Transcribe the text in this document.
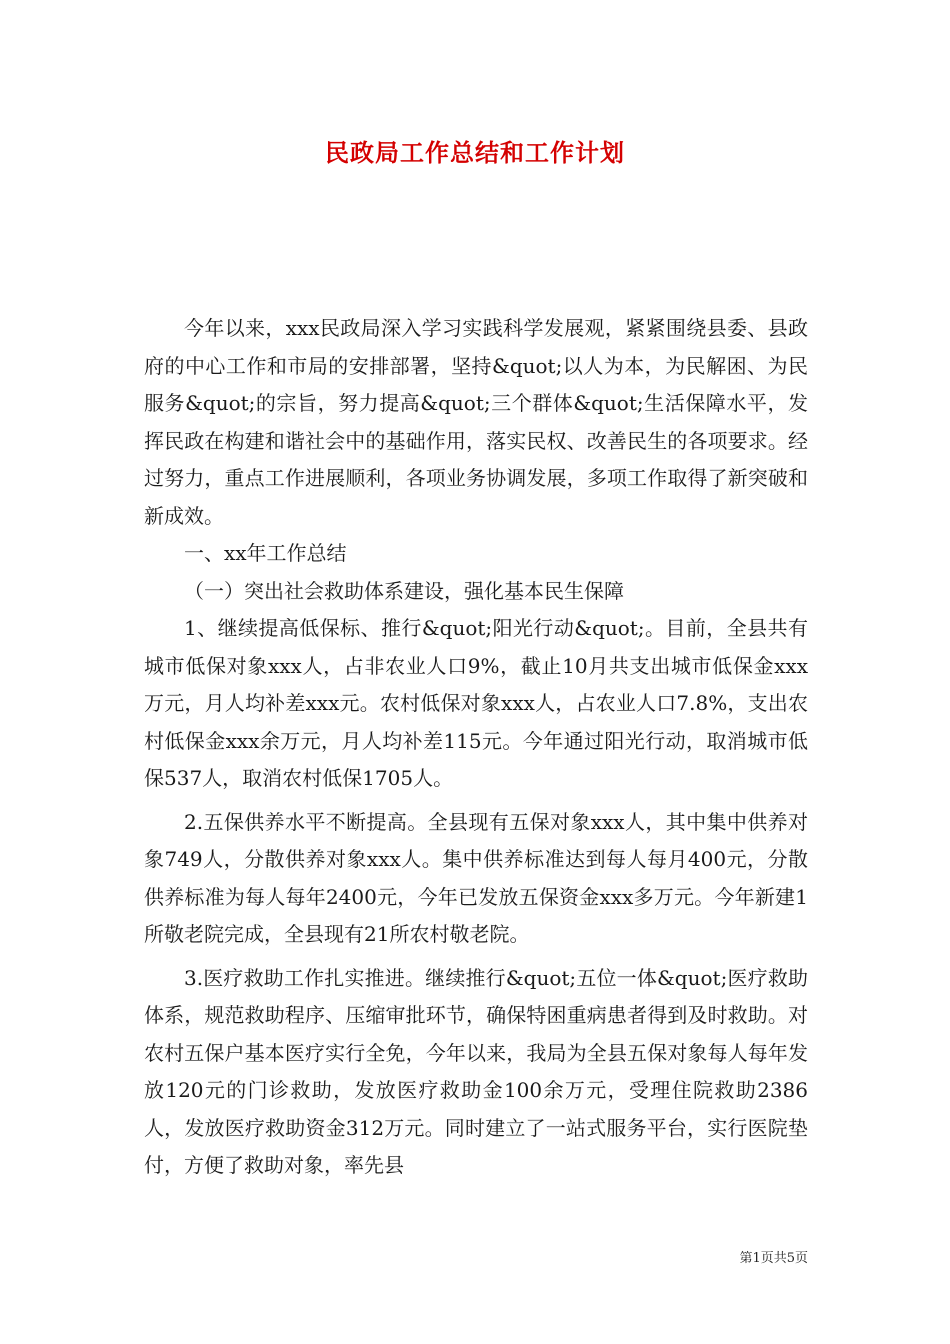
民政局工作总结和工作计划

今年以来，xxx民政局深入学习实践科学发展观，紧紧围绕县委、县政府的中心工作和市局的安排部署，坚持&quot;以人为本，为民解困、为民服务&quot;的宗旨，努力提高&quot;三个群体&quot;生活保障水平，发挥民政在构建和谐社会中的基础作用，落实民权、改善民生的各项要求。经过努力，重点工作进展顺利，各项业务协调发展，多项工作取得了新突破和新成效。

一、xx年工作总结

（一）突出社会救助体系建设，强化基本民生保障

1、继续提高低保标、推行&quot;阳光行动&quot;。目前，全县共有城市低保对象xxx人，占非农业人口9%，截止10月共支出城市低保金xxx万元，月人均补差xxx元。农村低保对象xxx人，占农业人口7.8%，支出农村低保金xxx余万元，月人均补差115元。今年通过阳光行动，取消城市低保537人，取消农村低保1705人。

2.五保供养水平不断提高。全县现有五保对象xxx人，其中集中供养对象749人，分散供养对象xxx人。集中供养标准达到每人每月400元，分散供养标准为每人每年2400元，今年已发放五保资金xxx多万元。今年新建1所敬老院完成，全县现有21所农村敬老院。

3.医疗救助工作扎实推进。继续推行&quot;五位一体&quot;医疗救助体系，规范救助程序、压缩审批环节，确保特困重病患者得到及时救助。对农村五保户基本医疗实行全免，今年以来，我局为全县五保对象每人每年发放120元的门诊救助，发放医疗救助金100余万元，受理住院救助2386人，发放医疗救助资金312万元。同时建立了一站式服务平台，实行医院垫付，方便了救助对象，率先县

第1页共5页
